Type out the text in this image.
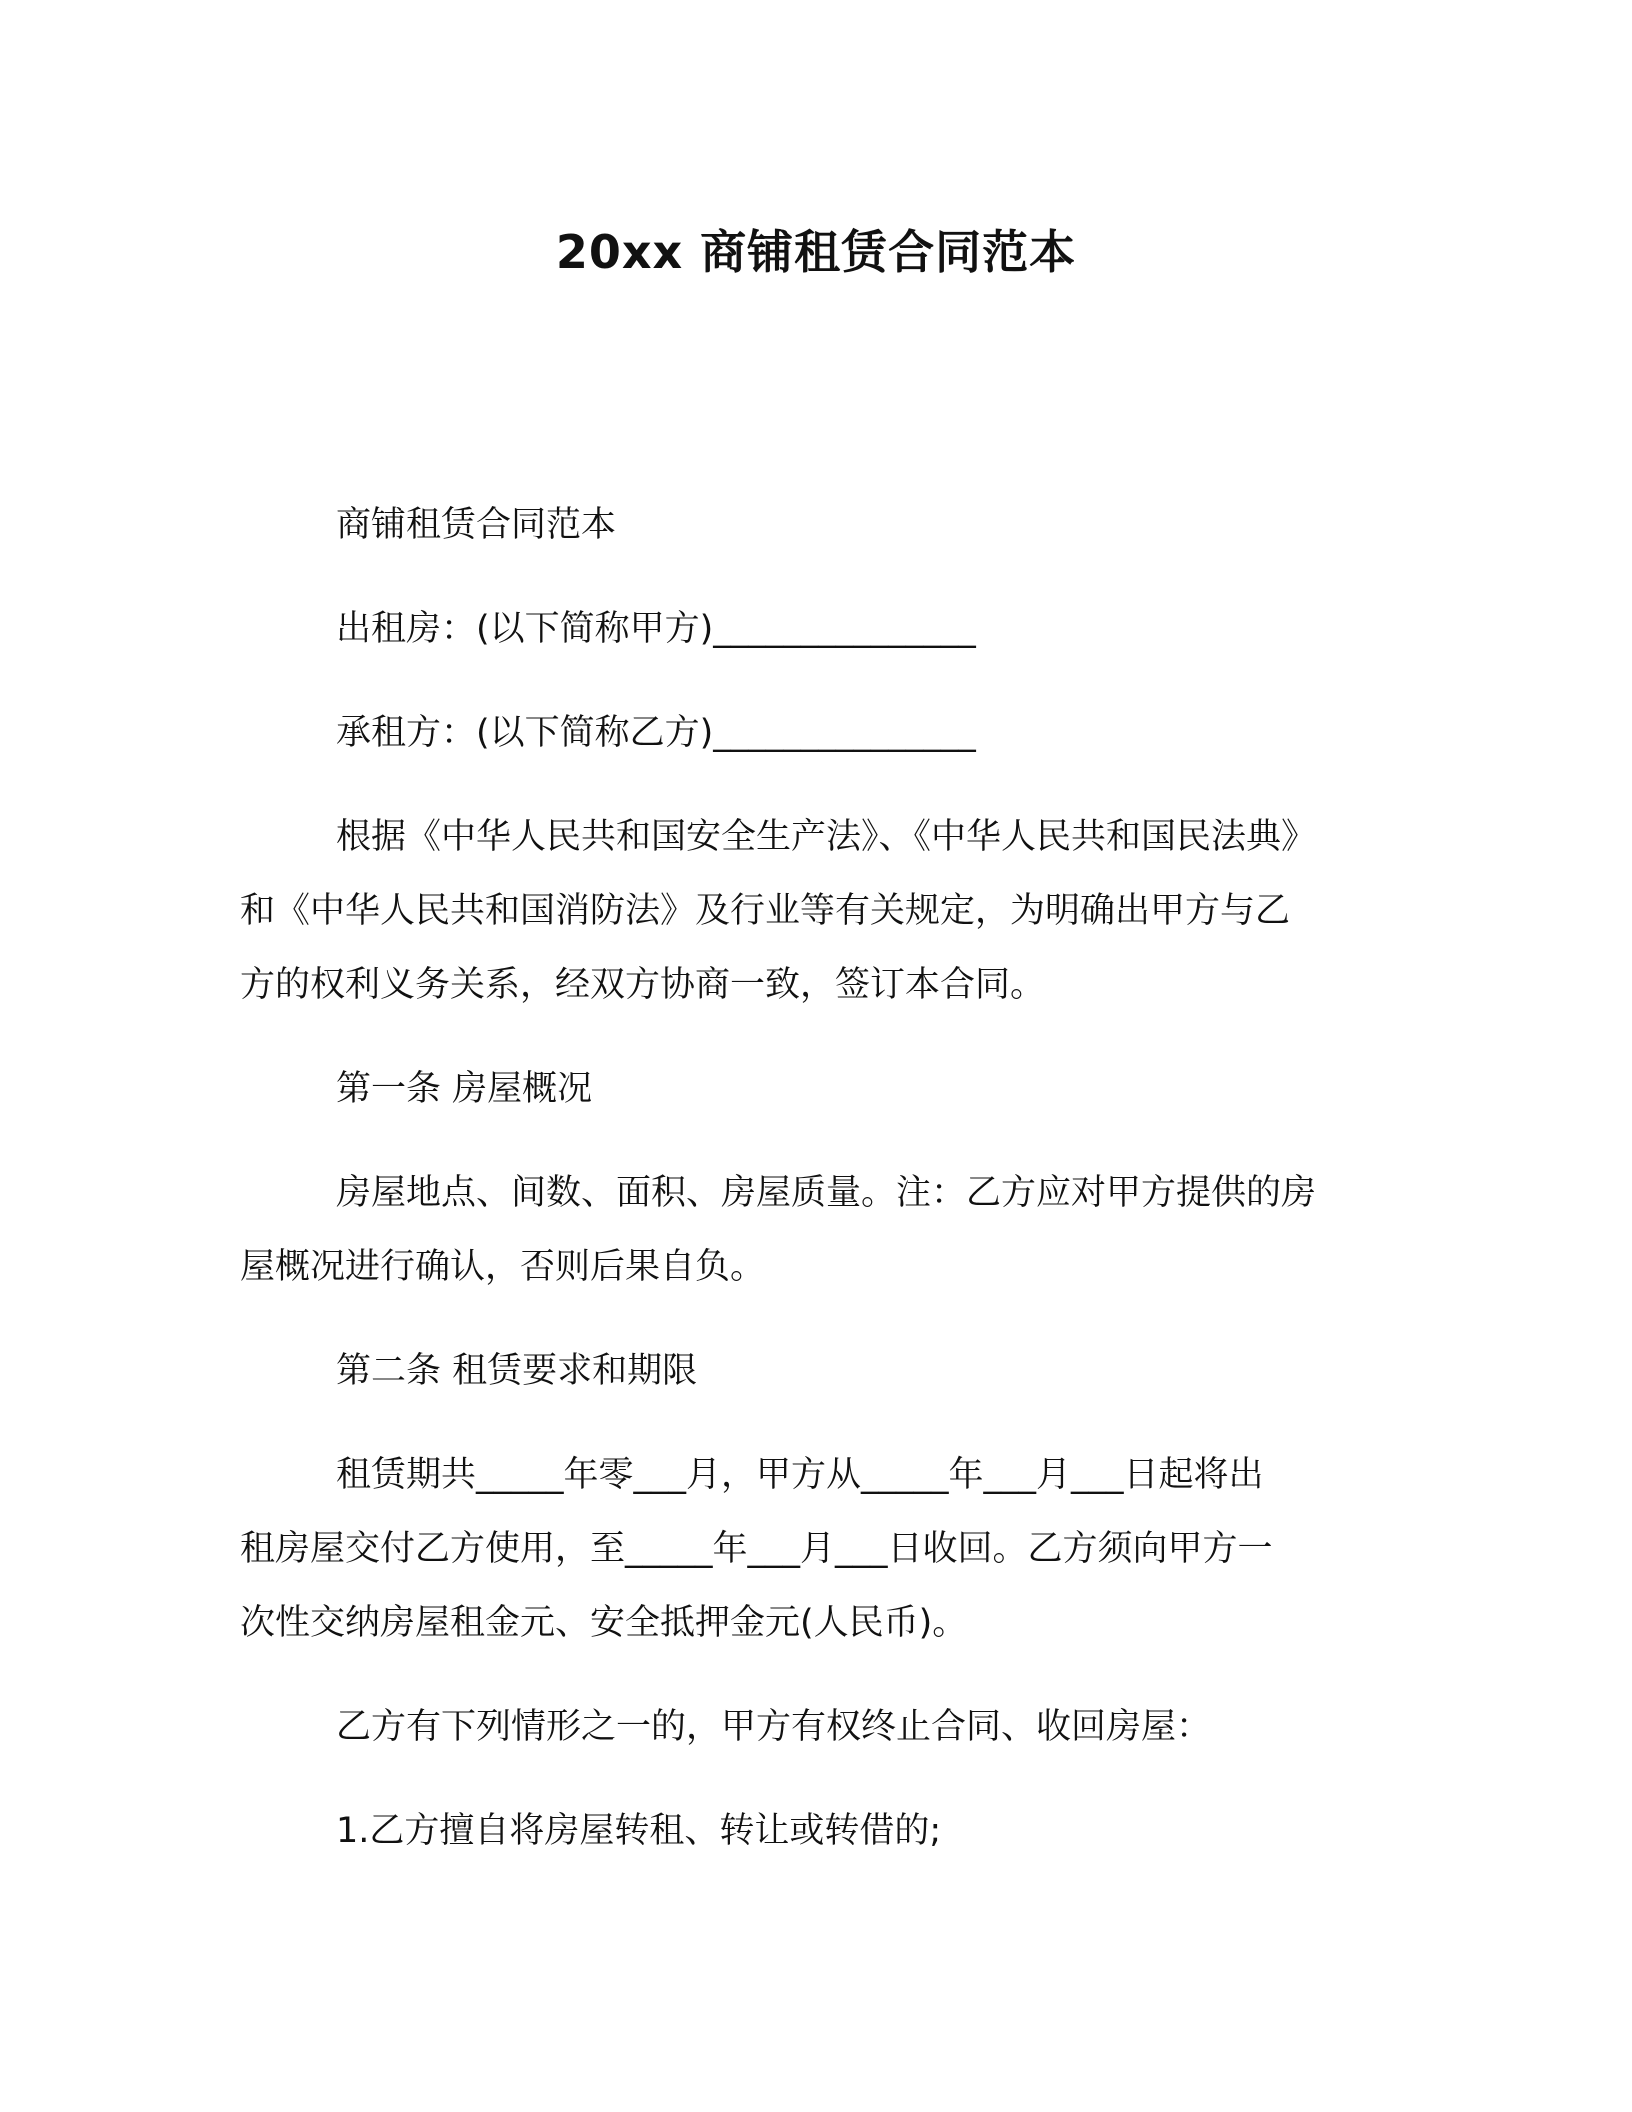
20xx 商铺租赁合同范本

商铺租赁合同范本

出租房：(以下简称甲方)_______________

承租方：(以下简称乙方)_______________

根据《中华人民共和国安全生产法》、《中华人民共和国民法典》
和《中华人民共和国消防法》及行业等有关规定，为明确出甲方与乙
方的权利义务关系，经双方协商一致，签订本合同。

第一条 房屋概况

房屋地点、间数、面积、房屋质量。注：乙方应对甲方提供的房
屋概况进行确认，否则后果自负。

第二条 租赁要求和期限

租赁期共_____年零___月，甲方从_____年___月___日起将出
租房屋交付乙方使用，至_____年___月___日收回。乙方须向甲方一
次性交纳房屋租金元、安全抵押金元(人民币)。

乙方有下列情形之一的，甲方有权终止合同、收回房屋：

1.乙方擅自将房屋转租、转让或转借的;
